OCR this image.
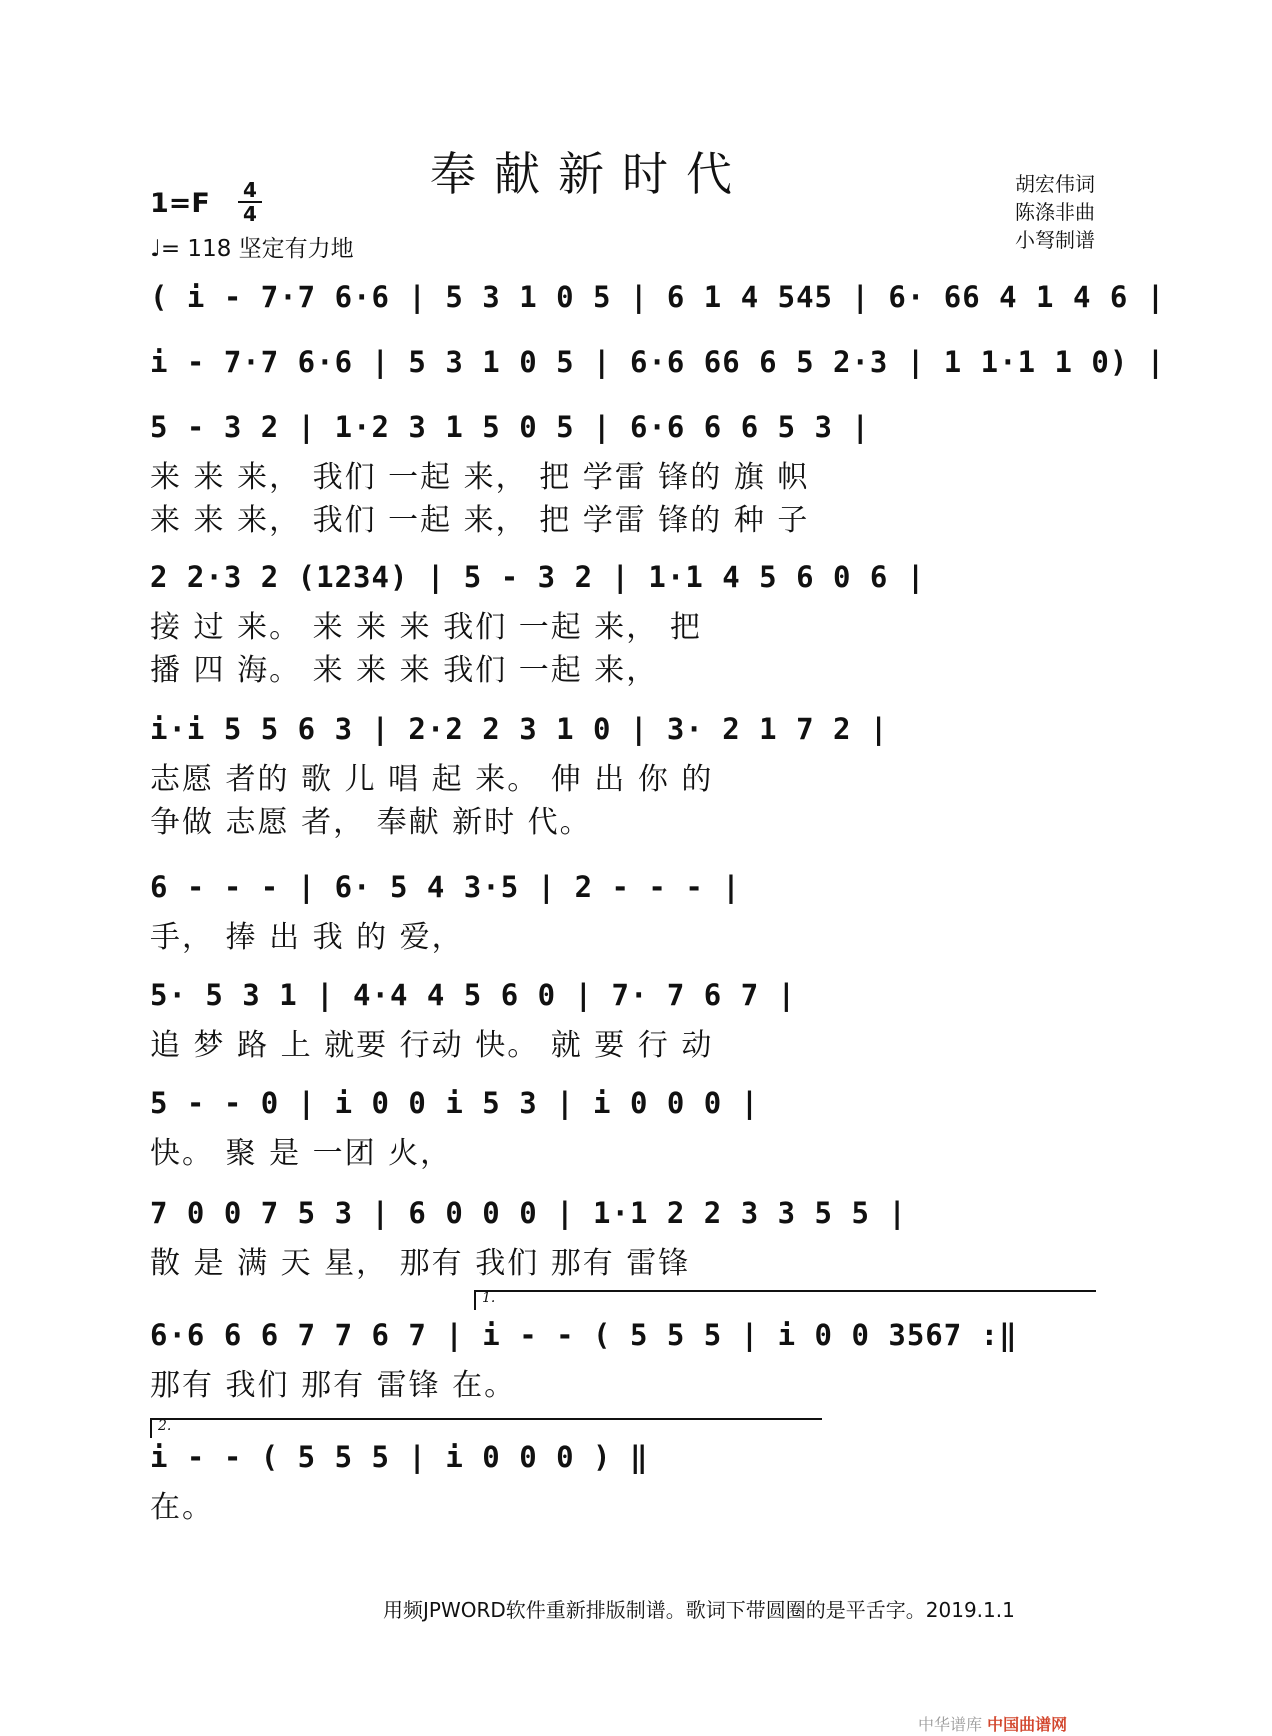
奉献新时代
1=F 4
4
♩= 118 坚定有力地
胡宏伟词
陈涤非曲
小弩制谱
( i - 7·7 6·6 | 5 3 1 0 5 | 6 1 4 545 | 6· 66 4 1 4 6 |
i - 7·7 6·6 | 5 3 1 0 5 | 6·6 66 6 5 2·3 | 1 1·1 1 0) |
5 - 3 2 | 1·2 3 1 5 0 5 | 6·6 6 6 5 3 |
来 来 来， 我们 一起 来， 把 学雷 锋的 旗 帜
来 来 来， 我们 一起 来， 把 学雷 锋的 种 子
2 2·3 2 (1234) | 5 - 3 2 | 1·1 4 5 6 0 6 |
接 过 来。 来 来 来 我们 一起 来， 把
播 四 海。 来 来 来 我们 一起 来，
i·i 5 5 6 3 | 2·2 2 3 1 0 | 3· 2 1 7 2 |
志愿 者的 歌 儿 唱 起 来。 伸 出 你 的
争做 志愿 者， 奉献 新时 代。
6 - - - | 6· 5 4 3·5 | 2 - - - |
手， 捧 出 我 的 爱，
5· 5 3 1 | 4·4 4 5 6 0 | 7· 7 6 7 |
追 梦 路 上 就要 行动 快。 就 要 行 动
5 - - 0 | i 0 0 i 5 3 | i 0 0 0 |
快。 聚 是 一团 火，
7 0 0 7 5 3 | 6 0 0 0 | 1·1 2 2 3 3 5 5 |
散 是 满 天 星， 那有 我们 那有 雷锋
1.
6·6 6 6 7 7 6 7 | i - - ( 5 5 5 | i 0 0 3567 :‖
那有 我们 那有 雷锋 在。
2.
i - - ( 5 5 5 | i 0 0 0 ) ‖
在。
用频JPWORD软件重新排版制谱。歌词下带圆圈的是平舌字。2019.1.1
中华谱库 中国曲谱网
